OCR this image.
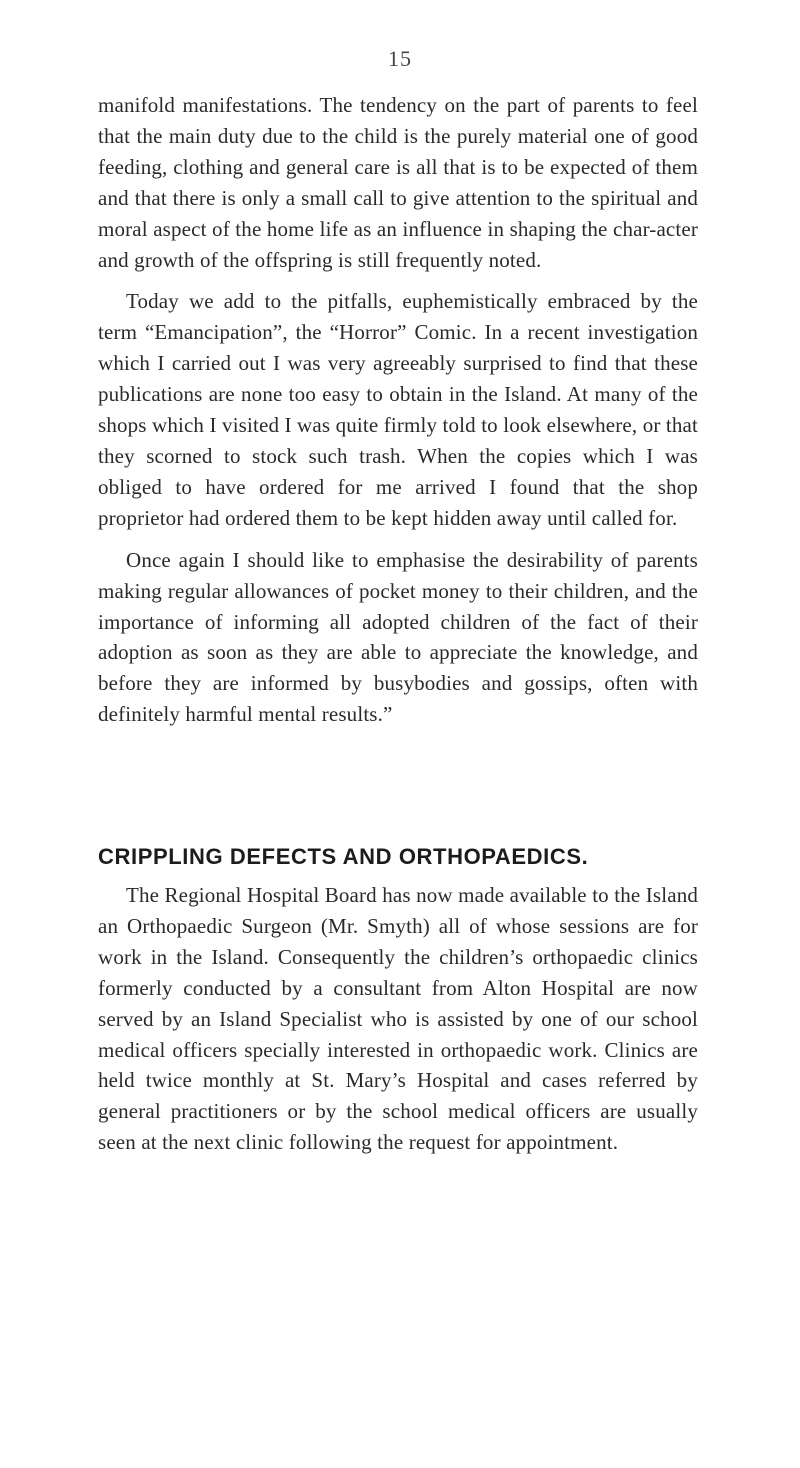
15

manifold manifestations. The tendency on the part of parents to feel that the main duty due to the child is the purely material one of good feeding, clothing and general care is all that is to be expected of them and that there is only a small call to give attention to the spiritual and moral aspect of the home life as an influence in shaping the char-acter and growth of the offspring is still frequently noted.

Today we add to the pitfalls, euphemistically embraced by the term “Emancipation”, the “Horror” Comic. In a recent investigation which I carried out I was very agreeably surprised to find that these publications are none too easy to obtain in the Island. At many of the shops which I visited I was quite firmly told to look elsewhere, or that they scorned to stock such trash. When the copies which I was obliged to have ordered for me arrived I found that the shop proprietor had ordered them to be kept hidden away until called for.

Once again I should like to emphasise the desirability of parents making regular allowances of pocket money to their children, and the importance of informing all adopted children of the fact of their adoption as soon as they are able to appreciate the knowledge, and before they are informed by busybodies and gossips, often with definitely harmful mental results.”

CRIPPLING DEFECTS AND ORTHOPAEDICS.

The Regional Hospital Board has now made available to the Island an Orthopaedic Surgeon (Mr. Smyth) all of whose sessions are for work in the Island. Consequently the children’s orthopaedic clinics formerly conducted by a consultant from Alton Hospital are now served by an Island Specialist who is assisted by one of our school medical officers specially interested in orthopaedic work. Clinics are held twice monthly at St. Mary’s Hospital and cases referred by general practitioners or by the school medical officers are usually seen at the next clinic following the request for appointment.
